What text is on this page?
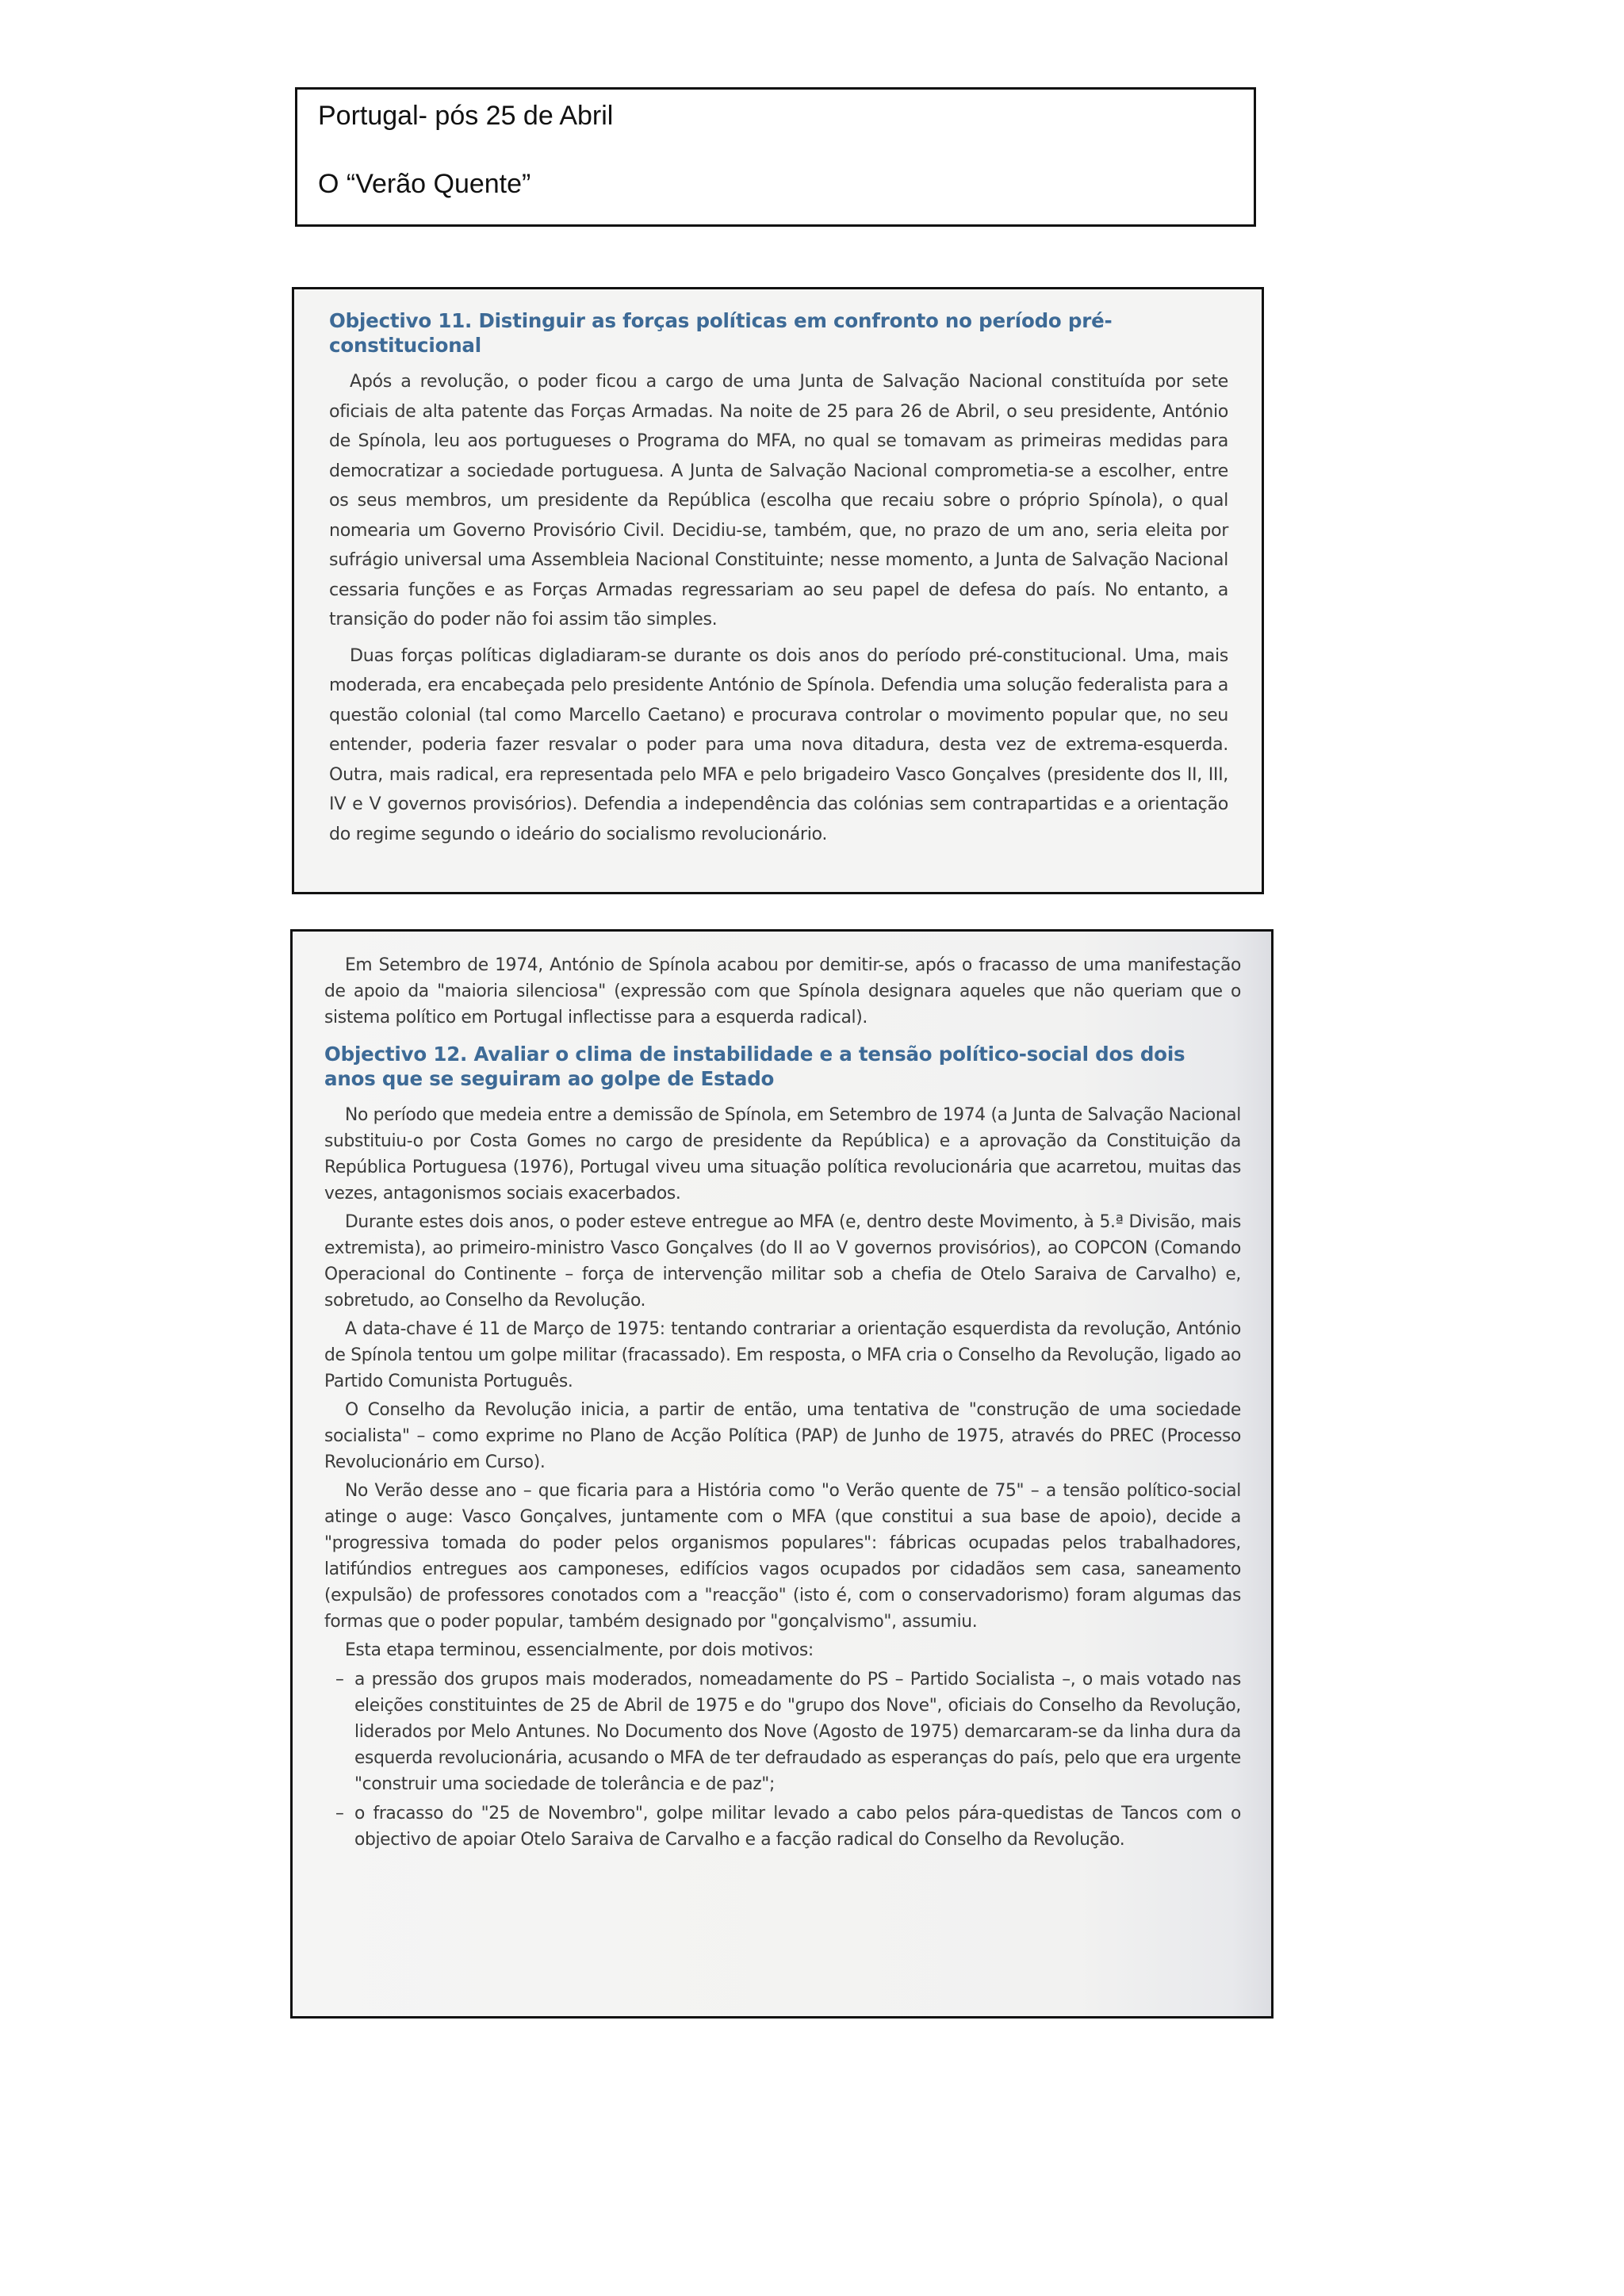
Portugal- pós 25 de Abril

O “Verão Quente”

Objectivo 11. Distinguir as forças políticas em confronto no período pré-constitucional

Após a revolução, o poder ficou a cargo de uma Junta de Salvação Nacional constituída por sete oficiais de alta patente das Forças Armadas. Na noite de 25 para 26 de Abril, o seu presidente, António de Spínola, leu aos portugueses o Programa do MFA, no qual se tomavam as primeiras medidas para democratizar a sociedade portuguesa. A Junta de Salvação Nacional comprometia-se a escolher, entre os seus membros, um presidente da República (escolha que recaiu sobre o próprio Spínola), o qual nomearia um Governo Provisório Civil. Decidiu-se, também, que, no prazo de um ano, seria eleita por sufrágio universal uma Assembleia Nacional Constituinte; nesse momento, a Junta de Salvação Nacional cessaria funções e as Forças Armadas regressariam ao seu papel de defesa do país. No entanto, a transição do poder não foi assim tão simples.

Duas forças políticas digladiaram-se durante os dois anos do período pré-constitucional. Uma, mais moderada, era encabeçada pelo presidente António de Spínola. Defendia uma solução federalista para a questão colonial (tal como Marcello Caetano) e procurava controlar o movimento popular que, no seu entender, poderia fazer resvalar o poder para uma nova ditadura, desta vez de extrema-esquerda. Outra, mais radical, era representada pelo MFA e pelo brigadeiro Vasco Gonçalves (presidente dos II, III, IV e V governos provisórios). Defendia a independência das colónias sem contrapartidas e a orientação do regime segundo o ideário do socialismo revolucionário.

Em Setembro de 1974, António de Spínola acabou por demitir-se, após o fracasso de uma manifestação de apoio da "maioria silenciosa" (expressão com que Spínola designara aqueles que não queriam que o sistema político em Portugal inflectisse para a esquerda radical).

Objectivo 12. Avaliar o clima de instabilidade e a tensão político-social dos dois anos que se seguiram ao golpe de Estado

No período que medeia entre a demissão de Spínola, em Setembro de 1974 (a Junta de Salvação Nacional substituiu-o por Costa Gomes no cargo de presidente da República) e a aprovação da Constituição da República Portuguesa (1976), Portugal viveu uma situação política revolucionária que acarretou, muitas das vezes, antagonismos sociais exacerbados.

Durante estes dois anos, o poder esteve entregue ao MFA (e, dentro deste Movimento, à 5.ª Divisão, mais extremista), ao primeiro-ministro Vasco Gonçalves (do II ao V governos provisórios), ao COPCON (Comando Operacional do Continente – força de intervenção militar sob a chefia de Otelo Saraiva de Carvalho) e, sobretudo, ao Conselho da Revolução.

A data-chave é 11 de Março de 1975: tentando contrariar a orientação esquerdista da revolução, António de Spínola tentou um golpe militar (fracassado). Em resposta, o MFA cria o Conselho da Revolução, ligado ao Partido Comunista Português.

O Conselho da Revolução inicia, a partir de então, uma tentativa de "construção de uma sociedade socialista" – como exprime no Plano de Acção Política (PAP) de Junho de 1975, através do PREC (Processo Revolucionário em Curso).

No Verão desse ano – que ficaria para a História como "o Verão quente de 75" – a tensão político-social atinge o auge: Vasco Gonçalves, juntamente com o MFA (que constitui a sua base de apoio), decide a "progressiva tomada do poder pelos organismos populares": fábricas ocupadas pelos trabalhadores, latifúndios entregues aos camponeses, edifícios vagos ocupados por cidadãos sem casa, saneamento (expulsão) de professores conotados com a "reacção" (isto é, com o conservadorismo) foram algumas das formas que o poder popular, também designado por "gonçalvismo", assumiu.

Esta etapa terminou, essencialmente, por dois motivos:

– a pressão dos grupos mais moderados, nomeadamente do PS – Partido Socialista –, o mais votado nas eleições constituintes de 25 de Abril de 1975 e do "grupo dos Nove", oficiais do Conselho da Revolução, liderados por Melo Antunes. No Documento dos Nove (Agosto de 1975) demarcaram-se da linha dura da esquerda revolucionária, acusando o MFA de ter defraudado as esperanças do país, pelo que era urgente "construir uma sociedade de tolerância e de paz";

– o fracasso do "25 de Novembro", golpe militar levado a cabo pelos pára-quedistas de Tancos com o objectivo de apoiar Otelo Saraiva de Carvalho e a facção radical do Conselho da Revolução.
